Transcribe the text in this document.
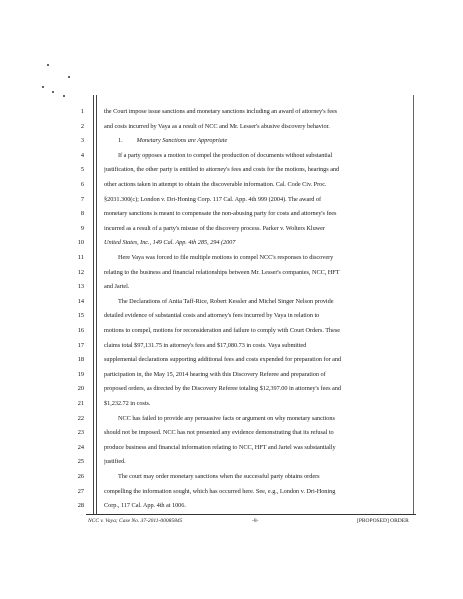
1
2
3
4
5
6
7
8
9
10
11
12
13
14
15
16
17
18
19
20
21
22
23
24
25
26
27
28
the Court impose issue sanctions and monetary sanctions including an award of attorney's fees
and costs incurred by Vaya as a result of NCC and Mr. Lesser's abusive discovery behavior.
1. Monetary Sanctions are Appropriate
If a party opposes a motion to compel the production of documents without substantial
justification, the other party is entitled to attorney's fees and costs for the motions, hearings and
other actions taken in attempt to obtain the discoverable information. Cal. Code Civ. Proc.
§2031.300(c); London v. Dri-Honing Corp. 117 Cal. App. 4th 999 (2004). The award of
monetary sanctions is meant to compensate the non-abusing party for costs and attorney's fees
incurred as a result of a party's misuse of the discovery process. Parker v. Wolters Kluwer
United States, Inc., 149 Cal. App. 4th 285, 294 (2007
Here Vaya was forced to file multiple motions to compel NCC's responses to discovery
relating to the business and financial relationships between Mr. Lesser's companies, NCC, HFT
and Jartel.
The Declarations of Anita Taff-Rice, Robert Kessler and Michel Singer Nelson provide
detailed evidence of substantial costs and attorney's fees incurred by Vaya in relation to
motions to compel, motions for reconsideration and failure to comply with Court Orders. These
claims total $97,131.75 in attorney's fees and $17,080.73 in costs. Vaya submitted
supplemental declarations supporting additional fees and costs expended for preparation for and
participation in, the May 15, 2014 hearing with this Discovery Referee and preparation of
proposed orders, as directed by the Discovery Referee totaling $12,397.00 in attorney's fees and
$1,232.72 in costs.
NCC has failed to provide any persuasive facts or argument on why monetary sanctions
should not be imposed. NCC has not presented any evidence demonstrating that its refusal to
produce business and financial information relating to NCC, HFT and Jartel was substantially
justified.
The court may order monetary sanctions when the successful party obtains orders
compelling the information sought, which has occurred here. See, e.g., London v. Dri-Honing
Corp., 117 Cal. App. 4th at 1006.
NCC v. Vaya; Case No. 37-2011-00085845	-8-	[PROPOSED] ORDER
